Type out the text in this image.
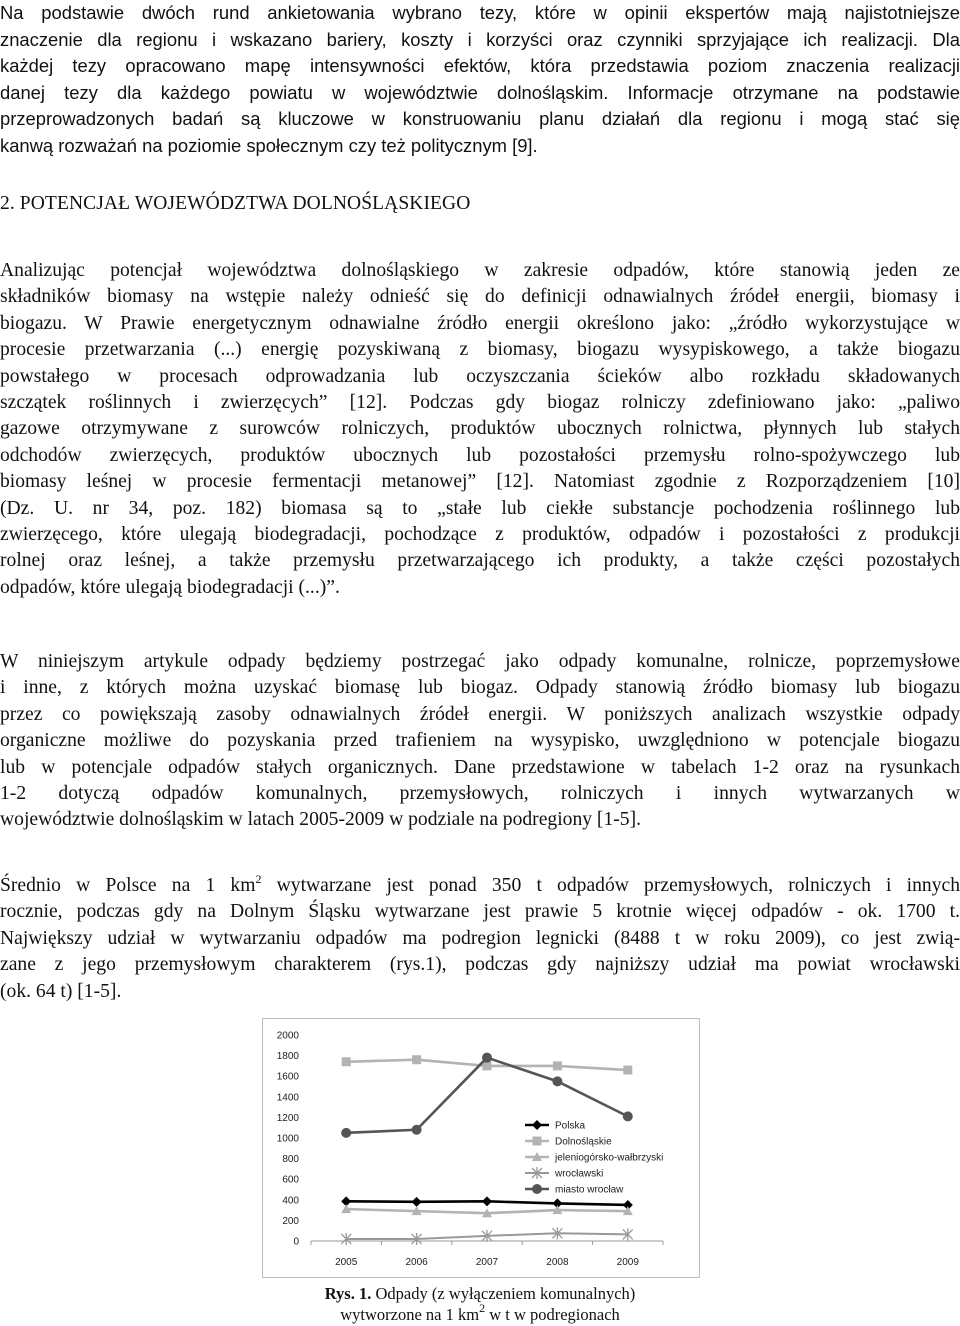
Na podstawie dwóch rund ankietowania wybrano tezy, które w opinii ekspertów mają najistotniejsze
znaczenie dla regionu i wskazano bariery, koszty i korzyści oraz czynniki sprzyjające ich realizacji. Dla
każdej tezy opracowano mapę intensywności efektów, która przedstawia poziom znaczenia realizacji
danej tezy dla każdego powiatu w województwie dolnośląskim. Informacje otrzymane na podstawie
przeprowadzonych badań są kluczowe w konstruowaniu planu działań dla regionu i mogą stać się
kanwą rozważań na poziomie społecznym czy też politycznym [9].

2. POTENCJAŁ WOJEWÓDZTWA DOLNOŚLĄSKIEGO

Analizując potencjał województwa dolnośląskiego w zakresie odpadów, które stanowią jeden ze
składników biomasy na wstępie należy odnieść się do definicji odnawialnych źródeł energii, biomasy i
biogazu. W Prawie energetycznym odnawialne źródło energii określono jako: „źródło wykorzystujące w
procesie przetwarzania (...) energię pozyskiwaną z biomasy, biogazu wysypiskowego, a także biogazu
powstałego w procesach odprowadzania lub oczyszczania ścieków albo rozkładu składowanych
szczątek roślinnych i zwierzęcych” [12]. Podczas gdy biogaz rolniczy zdefiniowano jako: „paliwo
gazowe otrzymywane z surowców rolniczych, produktów ubocznych rolnictwa, płynnych lub stałych
odchodów zwierzęcych, produktów ubocznych lub pozostałości przemysłu rolno-spożywczego lub
biomasy leśnej w procesie fermentacji metanowej” [12]. Natomiast zgodnie z Rozporządzeniem [10]
(Dz. U. nr 34, poz. 182) biomasa są to „stałe lub ciekłe substancje pochodzenia roślinnego lub
zwierzęcego, które ulegają biodegradacji, pochodzące z produktów, odpadów i pozostałości z produkcji
rolnej oraz leśnej, a także przemysłu przetwarzającego ich produkty, a także części pozostałych
odpadów, które ulegają biodegradacji (...)”.

W niniejszym artykule odpady będziemy postrzegać jako odpady komunalne, rolnicze, poprzemysłowe
i inne, z których można uzyskać biomasę lub biogaz. Odpady stanowią źródło biomasy lub biogazu
przez co powiększają zasoby odnawialnych źródeł energii. W poniższych analizach wszystkie odpady
organiczne możliwe do pozyskania przed trafieniem na wysypisko, uwzględniono w potencjale biogazu
lub w potencjale odpadów stałych organicznych. Dane przedstawione w tabelach 1-2 oraz na rysunkach
1-2 dotyczą odpadów komunalnych, przemysłowych, rolniczych i innych wytwarzanych w
województwie dolnośląskim w latach 2005-2009 w podziale na podregiony [1-5].

Średnio w Polsce na 1 $km^2$ wytwarzane jest ponad 350 t odpadów przemysłowych, rolniczych i innych
rocznie, podczas gdy na Dolnym Śląsku wytwarzane jest prawie 5 krotnie więcej odpadów - ok. 1700 t.
Największy udział w wytwarzaniu odpadów ma podregion legnicki (8488 t w roku 2009), co jest zwią-
zane z jego przemysłowym charakterem (rys.1), podczas gdy najniższy udział ma powiat wrocławski
(ok. 64 t) [1-5].

2000
1800
1600
1400
1200
1000
800
600
400
200
0
2005	2006	2007	2008	2009
Polska
Dolnośląskie
jeleniogórsko-wałbrzyski
wrocławski
miasto wrocław
Rys. 1. Odpady (z wyłączeniem komunalnych)
wytworzone na 1 $km^2$ w t w podregionach
